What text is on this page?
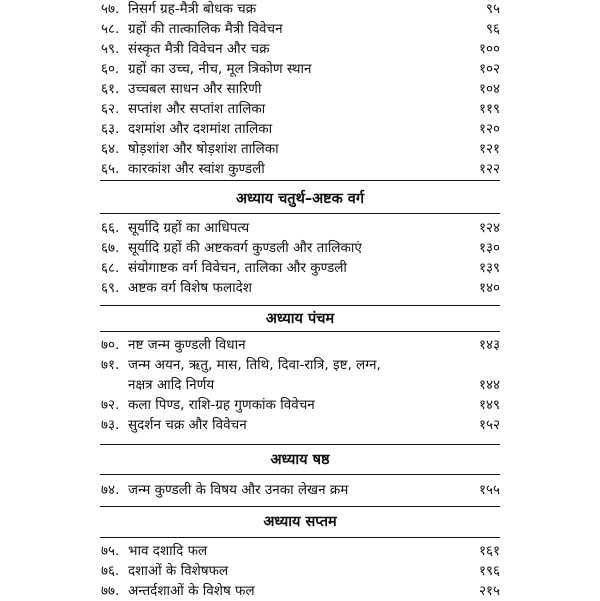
५७. निसर्ग ग्रह-मैत्री बोधक चक्र	९५
५८. ग्रहों की तात्कालिक मैत्री विवेचन	९६
५९. संस्कृत मैत्री विवेचन और चक्र	१००
६०. ग्रहों का उच्च, नीच, मूल त्रिकोण स्थान	१०२
६१. उच्चबल साधन और सारिणी	१०४
६२. सप्तांश और सप्तांश तालिका	११९
६३. दशमांश और दशमांश तालिका	१२०
६४. षोड़शांश और षोड़शांश तालिका	१२१
६५. कारकांश और स्वांश कुण्डली	१२२
अध्याय चतुर्थ–अष्टक वर्ग
६६. सूर्यादि ग्रहों का आधिपत्य	१२४
६७. सूर्यादि ग्रहों की अष्टकवर्ग कुण्डली और तालिकाएं	१३०
६८. संयोगाष्टक वर्ग विवेचन, तालिका और कुण्डली	१३९
६९. अष्टक वर्ग विशेष फलादेश	१४०
अध्याय पंचम
७०. नष्ट जन्म कुण्डली विधान	१४३
७१. जन्म अयन, ऋतु, मास, तिथि, दिवा-रात्रि, इष्ट, लग्न,
नक्षत्र आदि निर्णय	१४४
७२. कला पिण्ड, राशि-ग्रह गुणकांक विवेचन	१४९
७३. सुदर्शन चक्र और विवेचन	१५२
अध्याय षष्ठ
७४. जन्म कुण्डली के विषय और उनका लेखन क्रम	१५५
अध्याय सप्तम
७५. भाव दशादि फल	१६१
७६. दशाओं के विशेषफल	१९६
७७. अन्तर्दशाओं के विशेष फल	२१५
